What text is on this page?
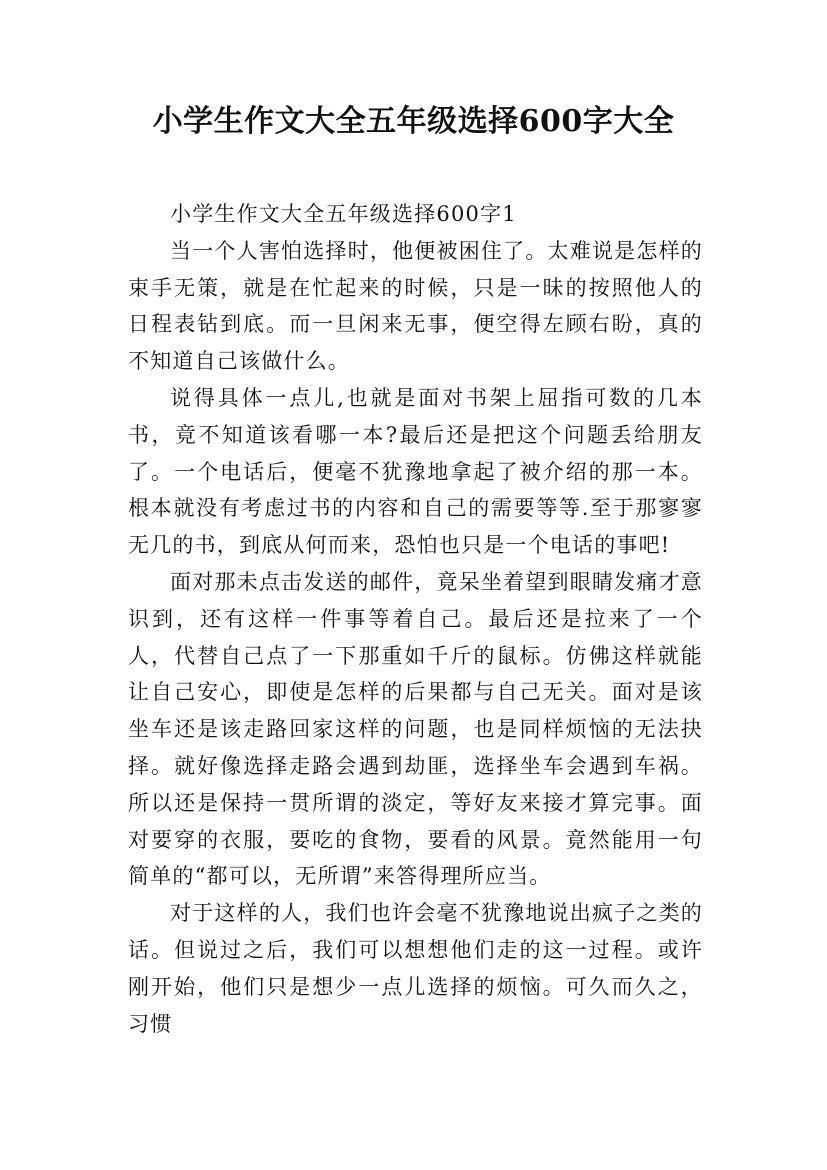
小学生作文大全五年级选择600字大全

小学生作文大全五年级选择600字1

当一个人害怕选择时，他便被困住了。太难说是怎样的束手无策，就是在忙起来的时候，只是一昧的按照他人的日程表钻到底。而一旦闲来无事，便空得左顾右盼，真的不知道自己该做什么。

说得具体一点儿,也就是面对书架上屈指可数的几本书，竟不知道该看哪一本?最后还是把这个问题丢给朋友了。一个电话后，便毫不犹豫地拿起了被介绍的那一本。根本就没有考虑过书的内容和自己的需要等等.至于那寥寥无几的书，到底从何而来，恐怕也只是一个电话的事吧!

面对那未点击发送的邮件，竟呆坐着望到眼睛发痛才意识到，还有这样一件事等着自己。最后还是拉来了一个人，代替自己点了一下那重如千斤的鼠标。仿佛这样就能让自己安心，即使是怎样的后果都与自己无关。面对是该坐车还是该走路回家这样的问题，也是同样烦恼的无法抉择。就好像选择走路会遇到劫匪，选择坐车会遇到车祸。所以还是保持一贯所谓的淡定，等好友来接才算完事。面对要穿的衣服，要吃的食物，要看的风景。竟然能用一句简单的“都可以，无所谓”来答得理所应当。

对于这样的人，我们也许会毫不犹豫地说出疯子之类的话。但说过之后，我们可以想想他们走的这一过程。或许刚开始，他们只是想少一点儿选择的烦恼。可久而久之，习惯
